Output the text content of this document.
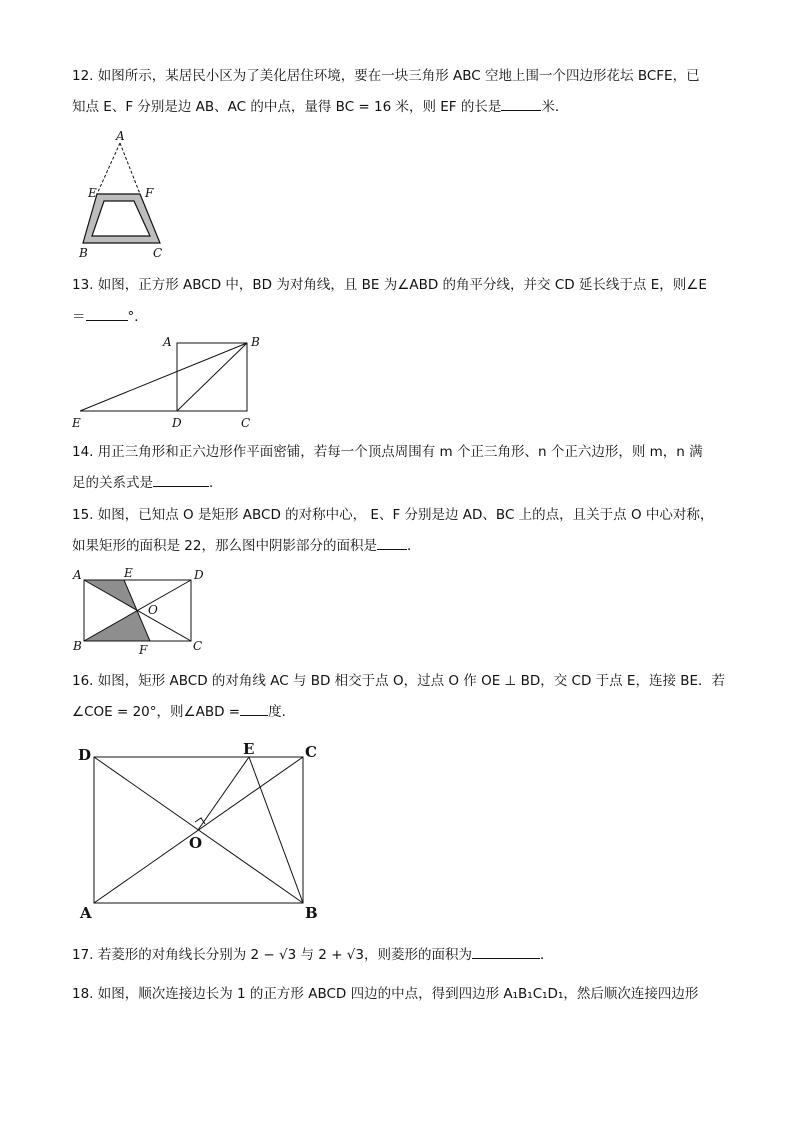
12. 如图所示，某居民小区为了美化居住环境，要在一块三角形 ABC 空地上围一个四边形花坛 BCFE，已
知点 E、F 分别是边 AB、AC 的中点，量得 BC = 16 米，则 EF 的长是	米．
A
E	F
B	C
13. 如图，正方形 ABCD 中，BD 为对角线，且 BE 为∠ABD 的角平分线，并交 CD 延长线于点 E，则∠E
＝	°．
A	B
E	D	C
14. 用正三角形和正六边形作平面密铺，若每一个顶点周围有 m 个正三角形、n 个正六边形，则 m，n 满
足的关系式是	．
15. 如图，已知点 O 是矩形 ABCD 的对称中心， E、F 分别是边 AD、BC 上的点，且关于点 O 中心对称，
如果矩形的面积是 22，那么图中阴影部分的面积是 ．
A	E	D
O
B	F	C
16. 如图，矩形 ABCD 的对角线 AC 与 BD 相交于点 O，过点 O 作 OE ⊥ BD，交 CD 于点 E，连接 BE．若
∠COE = 20°，则∠ABD = 度．
D	E	C
O
A	B
17. 若菱形的对角线长分别为 2 − √3 与 2 + √3，则菱形的面积为	．
18. 如图，顺次连接边长为 1 的正方形 ABCD 四边的中点，得到四边形 A₁B₁C₁D₁，然后顺次连接四边形
